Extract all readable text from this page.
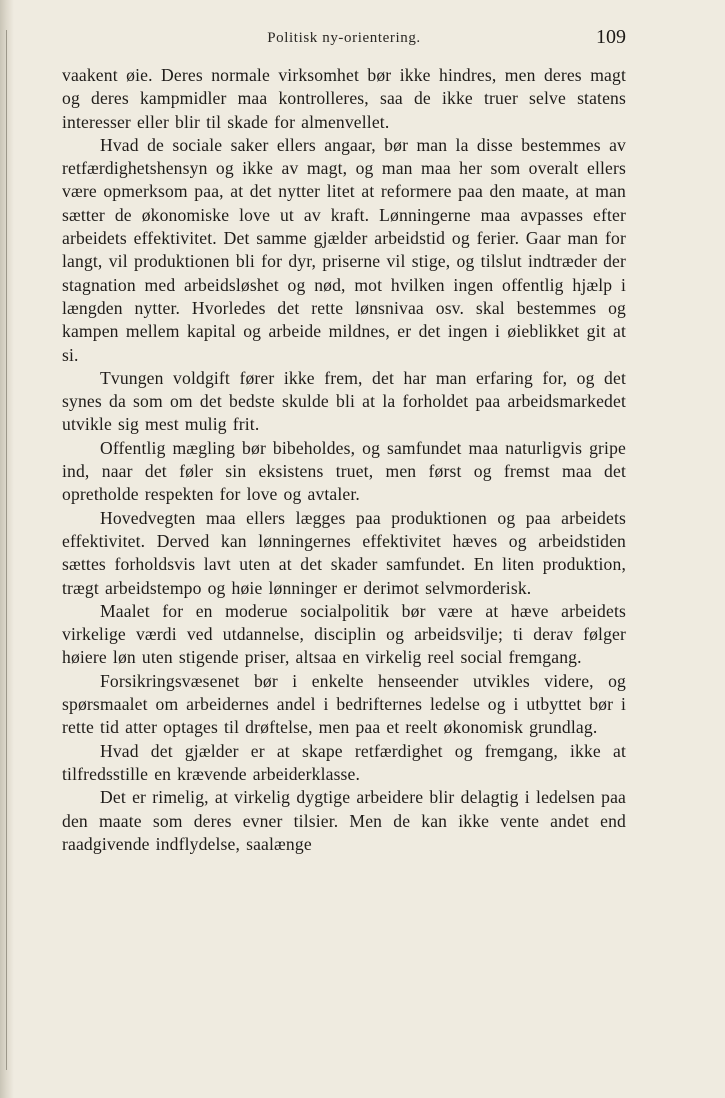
Politisk ny-orientering.	109

vaakent øie. Deres normale virksomhet bør ikke hindres, men deres magt og deres kampmidler maa kontrolleres, saa de ikke truer selve statens interesser eller blir til skade for almenvellet.

Hvad de sociale saker ellers angaar, bør man la disse bestemmes av retfærdighetshensyn og ikke av magt, og man maa her som overalt ellers være opmerksom paa, at det nytter litet at reformere paa den maate, at man sætter de økonomiske love ut av kraft. Lønningerne maa avpasses efter arbeidets effektivitet. Det samme gjælder arbeidstid og ferier. Gaar man for langt, vil produktionen bli for dyr, priserne vil stige, og tilslut indtræder der stagnation med arbeidsløshet og nød, mot hvilken ingen offentlig hjælp i længden nytter. Hvorledes det rette lønsnivaa osv. skal bestemmes og kampen mellem kapital og arbeide mildnes, er det ingen i øieblikket git at si.

Tvungen voldgift fører ikke frem, det har man erfaring for, og det synes da som om det bedste skulde bli at la forholdet paa arbeidsmarkedet utvikle sig mest mulig frit.

Offentlig mægling bør bibeholdes, og samfundet maa naturligvis gripe ind, naar det føler sin eksistens truet, men først og fremst maa det opretholde respekten for love og avtaler.

Hovedvegten maa ellers lægges paa produktionen og paa arbeidets effektivitet. Derved kan lønningernes effektivitet hæves og arbeidstiden sættes forholdsvis lavt uten at det skader samfundet. En liten produktion, trægt arbeidstempo og høie lønninger er derimot selvmorderisk.

Maalet for en moderue socialpolitik bør være at hæve arbeidets virkelige værdi ved utdannelse, disciplin og arbeidsvilje; ti derav følger høiere løn uten stigende priser, altsaa en virkelig reel social fremgang.

Forsikringsvæsenet bør i enkelte henseender utvikles videre, og spørsmaalet om arbeidernes andel i bedrifternes ledelse og i utbyttet bør i rette tid atter optages til drøftelse, men paa et reelt økonomisk grundlag.

Hvad det gjælder er at skape retfærdighet og fremgang, ikke at tilfredsstille en krævende arbeiderklasse.

Det er rimelig, at virkelig dygtige arbeidere blir delagtig i ledelsen paa den maate som deres evner tilsier. Men de kan ikke vente andet end raadgivende indflydelse, saalænge
